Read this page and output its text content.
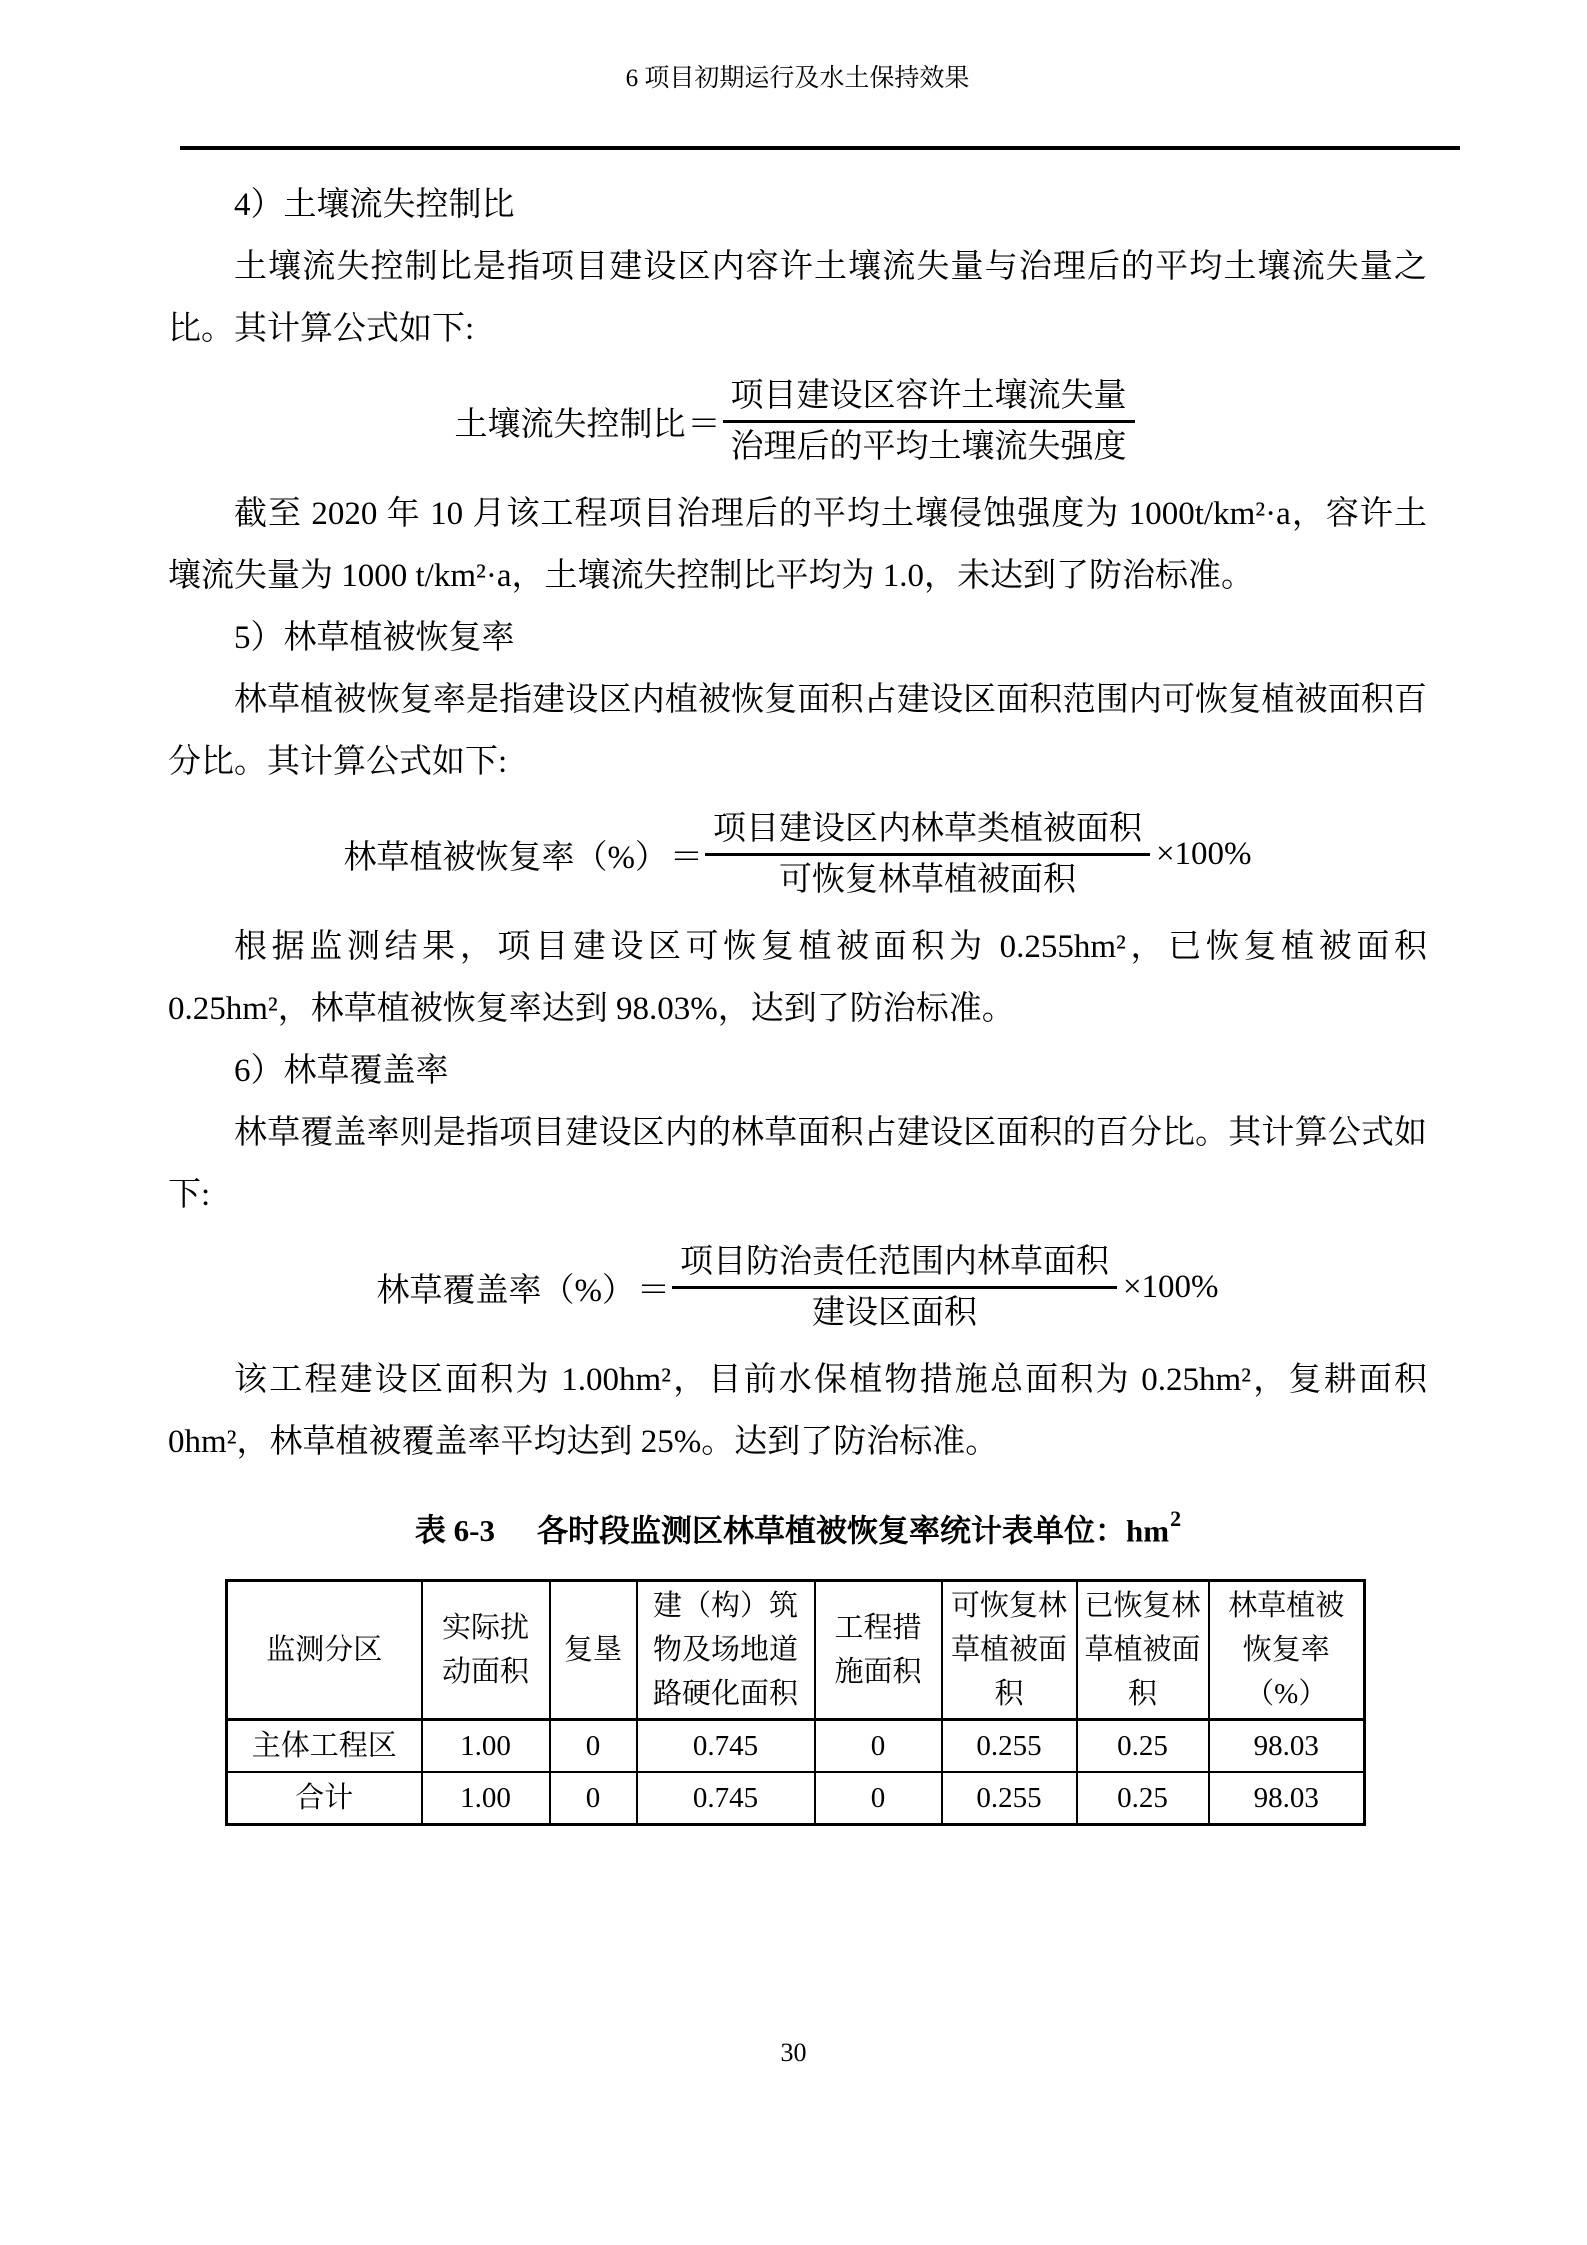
6 项目初期运行及水土保持效果
4）土壤流失控制比

土壤流失控制比是指项目建设区内容许土壤流失量与治理后的平均土壤流失量之比。其计算公式如下:

土壤流失控制比 ＝ $\frac{\text{项目建设区容许土壤流失量}}{\text{治理后的平均土壤流失强度}}$

截至 2020 年 10 月该工程项目治理后的平均土壤侵蚀强度为 1000t/km²·a，容许土壤流失量为 1000 t/km²·a，土壤流失控制比平均为 1.0，未达到了防治标准。

5）林草植被恢复率

林草植被恢复率是指建设区内植被恢复面积占建设区面积范围内可恢复植被面积百分比。其计算公式如下:

林草植被恢复率（%） ＝ $\frac{\text{项目建设区内林草类植被面积}}{\text{可恢复林草植被面积}} \times 100\%$

根据监测结果，项目建设区可恢复植被面积为 0.255hm²，已恢复植被面积 0.25hm²，林草植被恢复率达到 98.03%，达到了防治标准。

6）林草覆盖率

林草覆盖率则是指项目建设区内的林草面积占建设区面积的百分比。其计算公式如下:

林草覆盖率（%） ＝ $\frac{\text{项目防治责任范围内林草面积}}{\text{建设区面积}} \times 100\%$

该工程建设区面积为 1.00hm²，目前水保植物措施总面积为 0.25hm²，复耕面积 0hm²，林草植被覆盖率平均达到 25%。达到了防治标准。

表 6-3 各时段监测区林草植被恢复率统计表单位：$hm^2$
监测分区	实际扰动面积	复垦	建（构）筑物及场地道路硬化面积	工程措施面积	可恢复林草植被面积	已恢复林草植被面积	林草植被恢复率（%）
主体工程区	1.00	0	0.745	0	0.255	0.25	98.03
合计	1.00	0	0.745	0	0.255	0.25	98.03
30
